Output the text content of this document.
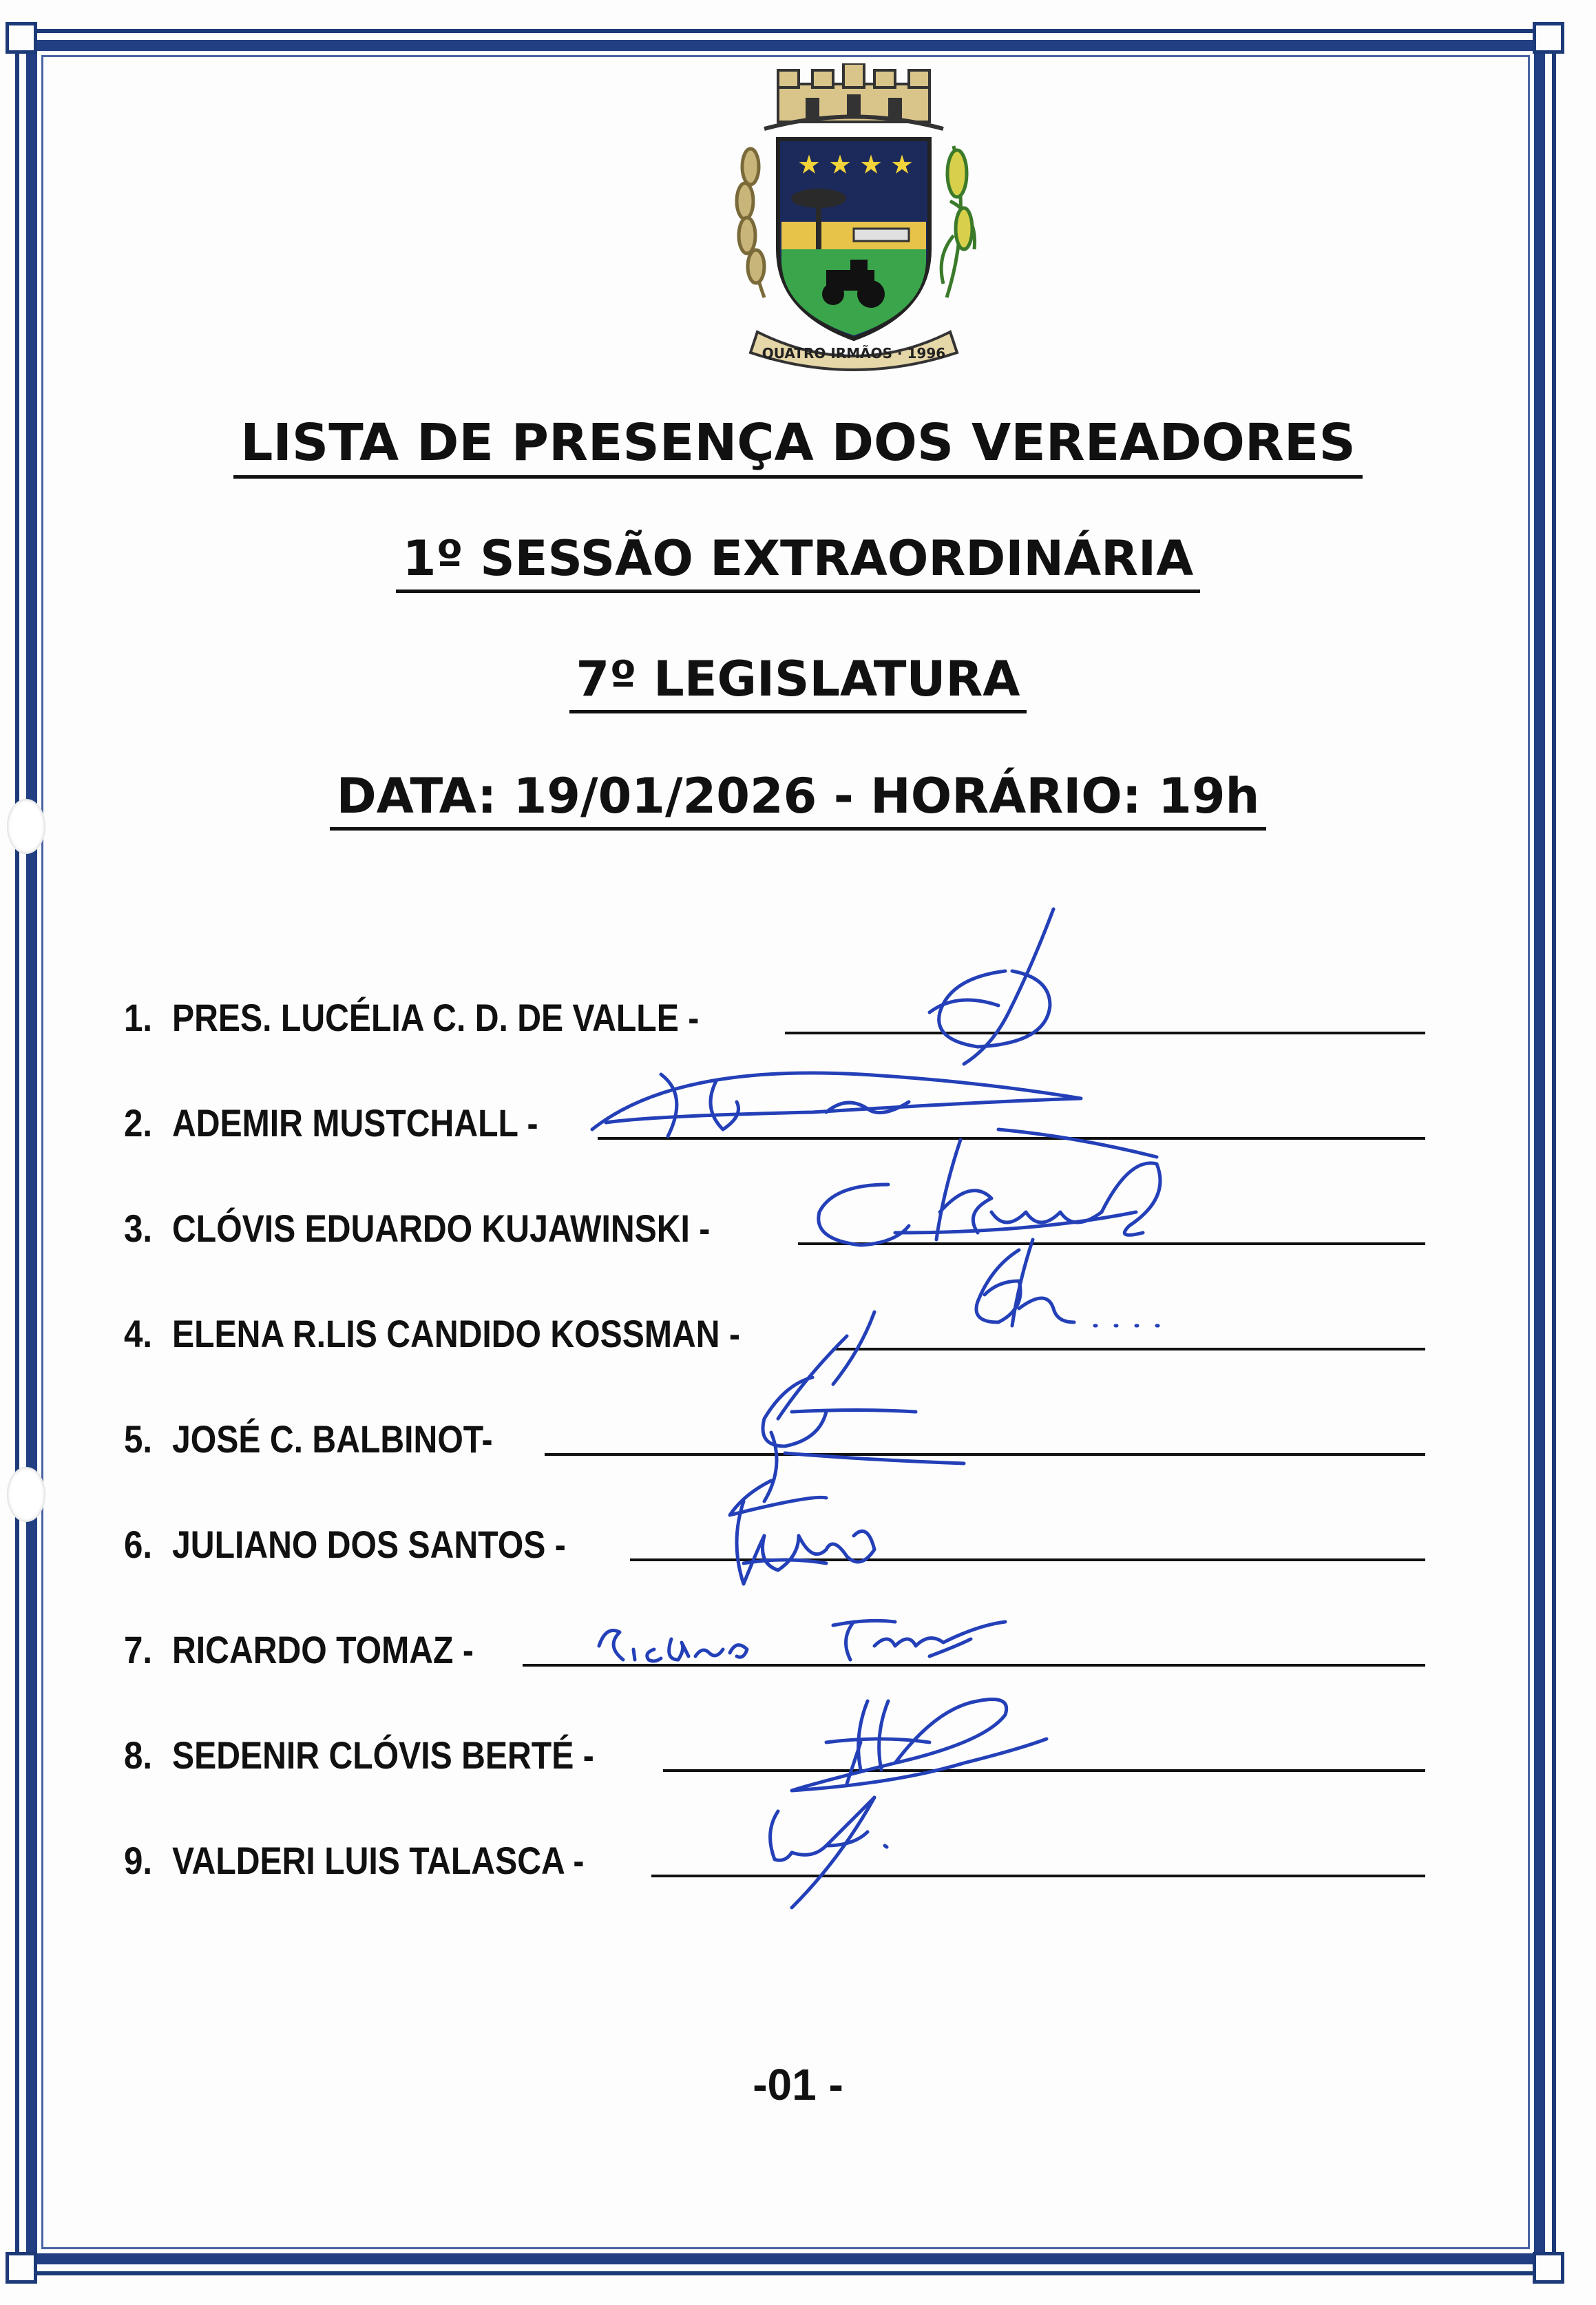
★ ★ ★ ★
QUATRO IRMÃOS · 1996
LISTA DE PRESENÇA DOS VEREADORES
1º SESSÃO EXTRAORDINÁRIA
7º LEGISLATURA
DATA: 19/01/2026 - HORÁRIO: 19h
1. PRES. LUCÉLIA C. D. DE VALLE -
2. ADEMIR MUSTCHALL -
3. CLÓVIS EDUARDO KUJAWINSKI -
4. ELENA R.LIS CANDIDO KOSSMAN -
5. JOSÉ C. BALBINOT-
6. JULIANO DOS SANTOS -
7. RICARDO TOMAZ -
8. SEDENIR CLÓVIS BERTÉ -
9. VALDERI LUIS TALASCA -
-01 -
